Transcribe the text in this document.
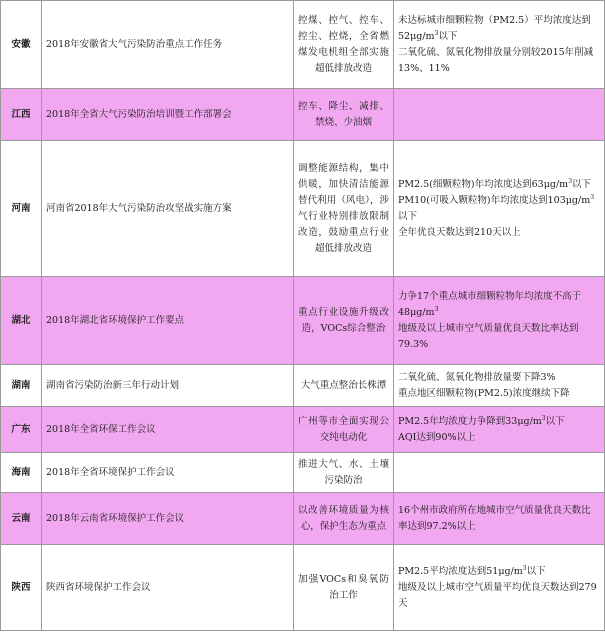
安徽	2018年安徽省大气污染防治重点工作任务	控煤、控气、控车、控尘、控烧，全省燃煤发电机组全部实施超低排放改造	未达标城市细颗粒物（PM2.5）平均浓度达到$52\mu g/m^3$以下
二氧化硫、氮氧化物排放量分别较2015年削减13%、11%

江西	2018年全省大气污染防治培训暨工作部署会	控车、降尘、减排、禁烧、少油烟	
河南	河南省2018年大气污染防治攻坚战实施方案	调整能源结构，集中供暖，加快清洁能源替代利用（风电），涉气行业特别排放限制改造，鼓励重点行业超低排放改造	PM2.5(细颗粒物)年均浓度达到$63\mu g/m^3$以下
PM10(可吸入颗粒物)年均浓度达到$103\mu g/m^3$以下
全年优良天数达到210天以上

湖北	2018年湖北省环境保护工作要点	重点行业设施升级改造，VOCs综合整治	力争17个重点城市细颗粒物年均浓度不高于$48\mu g/m^3$
地级及以上城市空气质量优良天数比率达到79.3%

湖南	湖南省污染防治新三年行动计划	大气重点整治长株潭	二氧化硫、氮氧化物排放量要下降3%
重点地区细颗粒物(PM2.5)浓度继续下降

广东	2018年全省环保工作会议	广州等市全面实现公交纯电动化	PM2.5年均浓度力争降到$33\mu g/m^3$以下
AQI达到90%以上

海南	2018年全省环境保护工作会议	推进大气、水、土壤污染防治	
云南	2018年云南省环境保护工作会议	以改善环境质量为核心，保护生态为重点	16个州市政府所在地城市空气质量优良天数比率达到97.2%以上

陕西	陕西省环境保护工作会议	加强VOCs和臭氧防治工作	PM2.5平均浓度达到$51\mu g/m^3$以下
地级及以上城市空气质量平均优良天数达到279天
